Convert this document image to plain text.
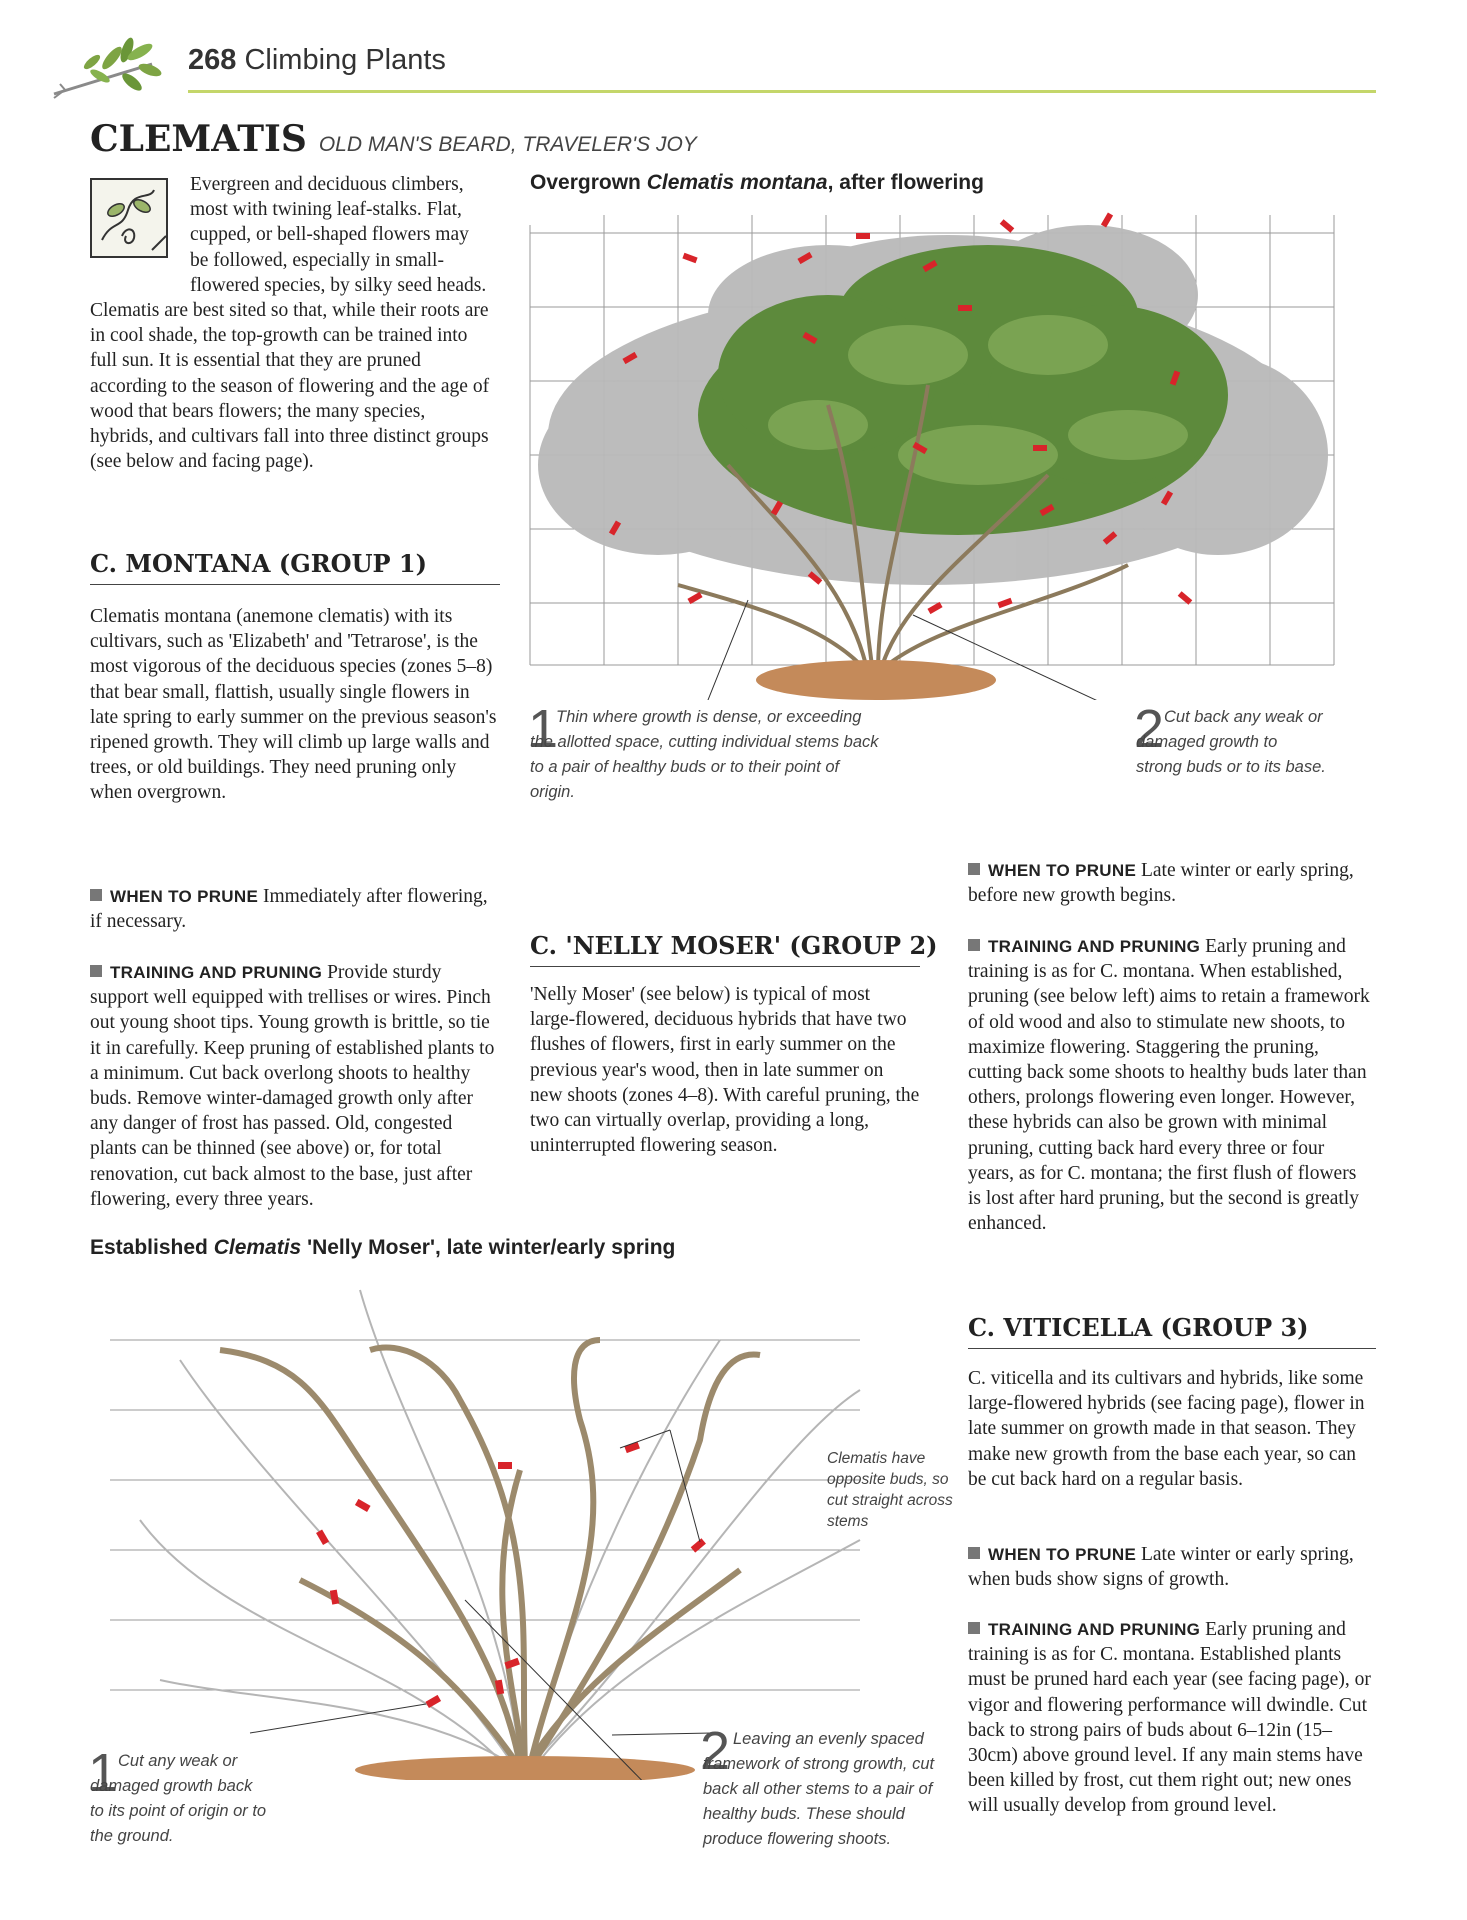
268 Climbing Plants
CLEMATIS OLD MAN'S BEARD, TRAVELER'S JOY
Evergreen and deciduous climbers, most with twining leaf-stalks. Flat, cupped, or bell-shaped flowers may be followed, especially in small-flowered species, by silky seed heads. Clematis are best sited so that, while their roots are in cool shade, the top-growth can be trained into full sun. It is essential that they are pruned according to the season of flowering and the age of wood that bears flowers; the many species, hybrids, and cultivars fall into three distinct groups (see below and facing page).
C. MONTANA (GROUP 1)
Clematis montana (anemone clematis) with its cultivars, such as 'Elizabeth' and 'Tetrarose', is the most vigorous of the deciduous species (zones 5–8) that bear small, flattish, usually single flowers in late spring to early summer on the previous season's ripened growth. They will climb up large walls and trees, or old buildings. They need pruning only when overgrown.
WHEN TO PRUNE Immediately after flowering, if necessary.
TRAINING AND PRUNING Provide sturdy support well equipped with trellises or wires. Pinch out young shoot tips. Young growth is brittle, so tie it in carefully. Keep pruning of established plants to a minimum. Cut back overlong shoots to healthy buds. Remove winter-damaged growth only after any danger of frost has passed. Old, congested plants can be thinned (see above) or, for total renovation, cut back almost to the base, just after flowering, every three years.
Overgrown Clematis montana, after flowering
1
Thin where growth is dense, or exceeding the allotted space, cutting individual stems back to a pair of healthy buds or to their point of origin.
2 Cut back any weak or damaged growth to strong buds or to its base.
C. 'NELLY MOSER' (GROUP 2)
'Nelly Moser' (see below) is typical of most large-flowered, deciduous hybrids that have two flushes of flowers, first in early summer on the previous year's wood, then in late summer on new shoots (zones 4–8). With careful pruning, the two can virtually overlap, providing a long, uninterrupted flowering season.
WHEN TO PRUNE Late winter or early spring, before new growth begins.
TRAINING AND PRUNING Early pruning and training is as for C. montana. When established, pruning (see below left) aims to retain a framework of old wood and also to stimulate new shoots, to maximize flowering. Staggering the pruning, cutting back some shoots to healthy buds later than others, prolongs flowering even longer. However, these hybrids can also be grown with minimal pruning, cutting back hard every three or four years, as for C. montana; the first flush of flowers is lost after hard pruning, but the second is greatly enhanced.
Established Clematis 'Nelly Moser', late winter/early spring
Clematis have opposite buds, so cut straight across stems
1 Cut any weak or damaged growth back to its point of origin or to the ground.
2 Leaving an evenly spaced framework of strong growth, cut back all other stems to a pair of healthy buds. These should produce flowering shoots.
C. VITICELLA (GROUP 3)
C. viticella and its cultivars and hybrids, like some large-flowered hybrids (see facing page), flower in late summer on growth made in that season. They make new growth from the base each year, so can be cut back hard on a regular basis.
WHEN TO PRUNE Late winter or early spring, when buds show signs of growth.
TRAINING AND PRUNING Early pruning and training is as for C. montana. Established plants must be pruned hard each year (see facing page), or vigor and flowering performance will dwindle. Cut back to strong pairs of buds about 6–12in (15–30cm) above ground level. If any main stems have been killed by frost, cut them right out; new ones will usually develop from ground level.
